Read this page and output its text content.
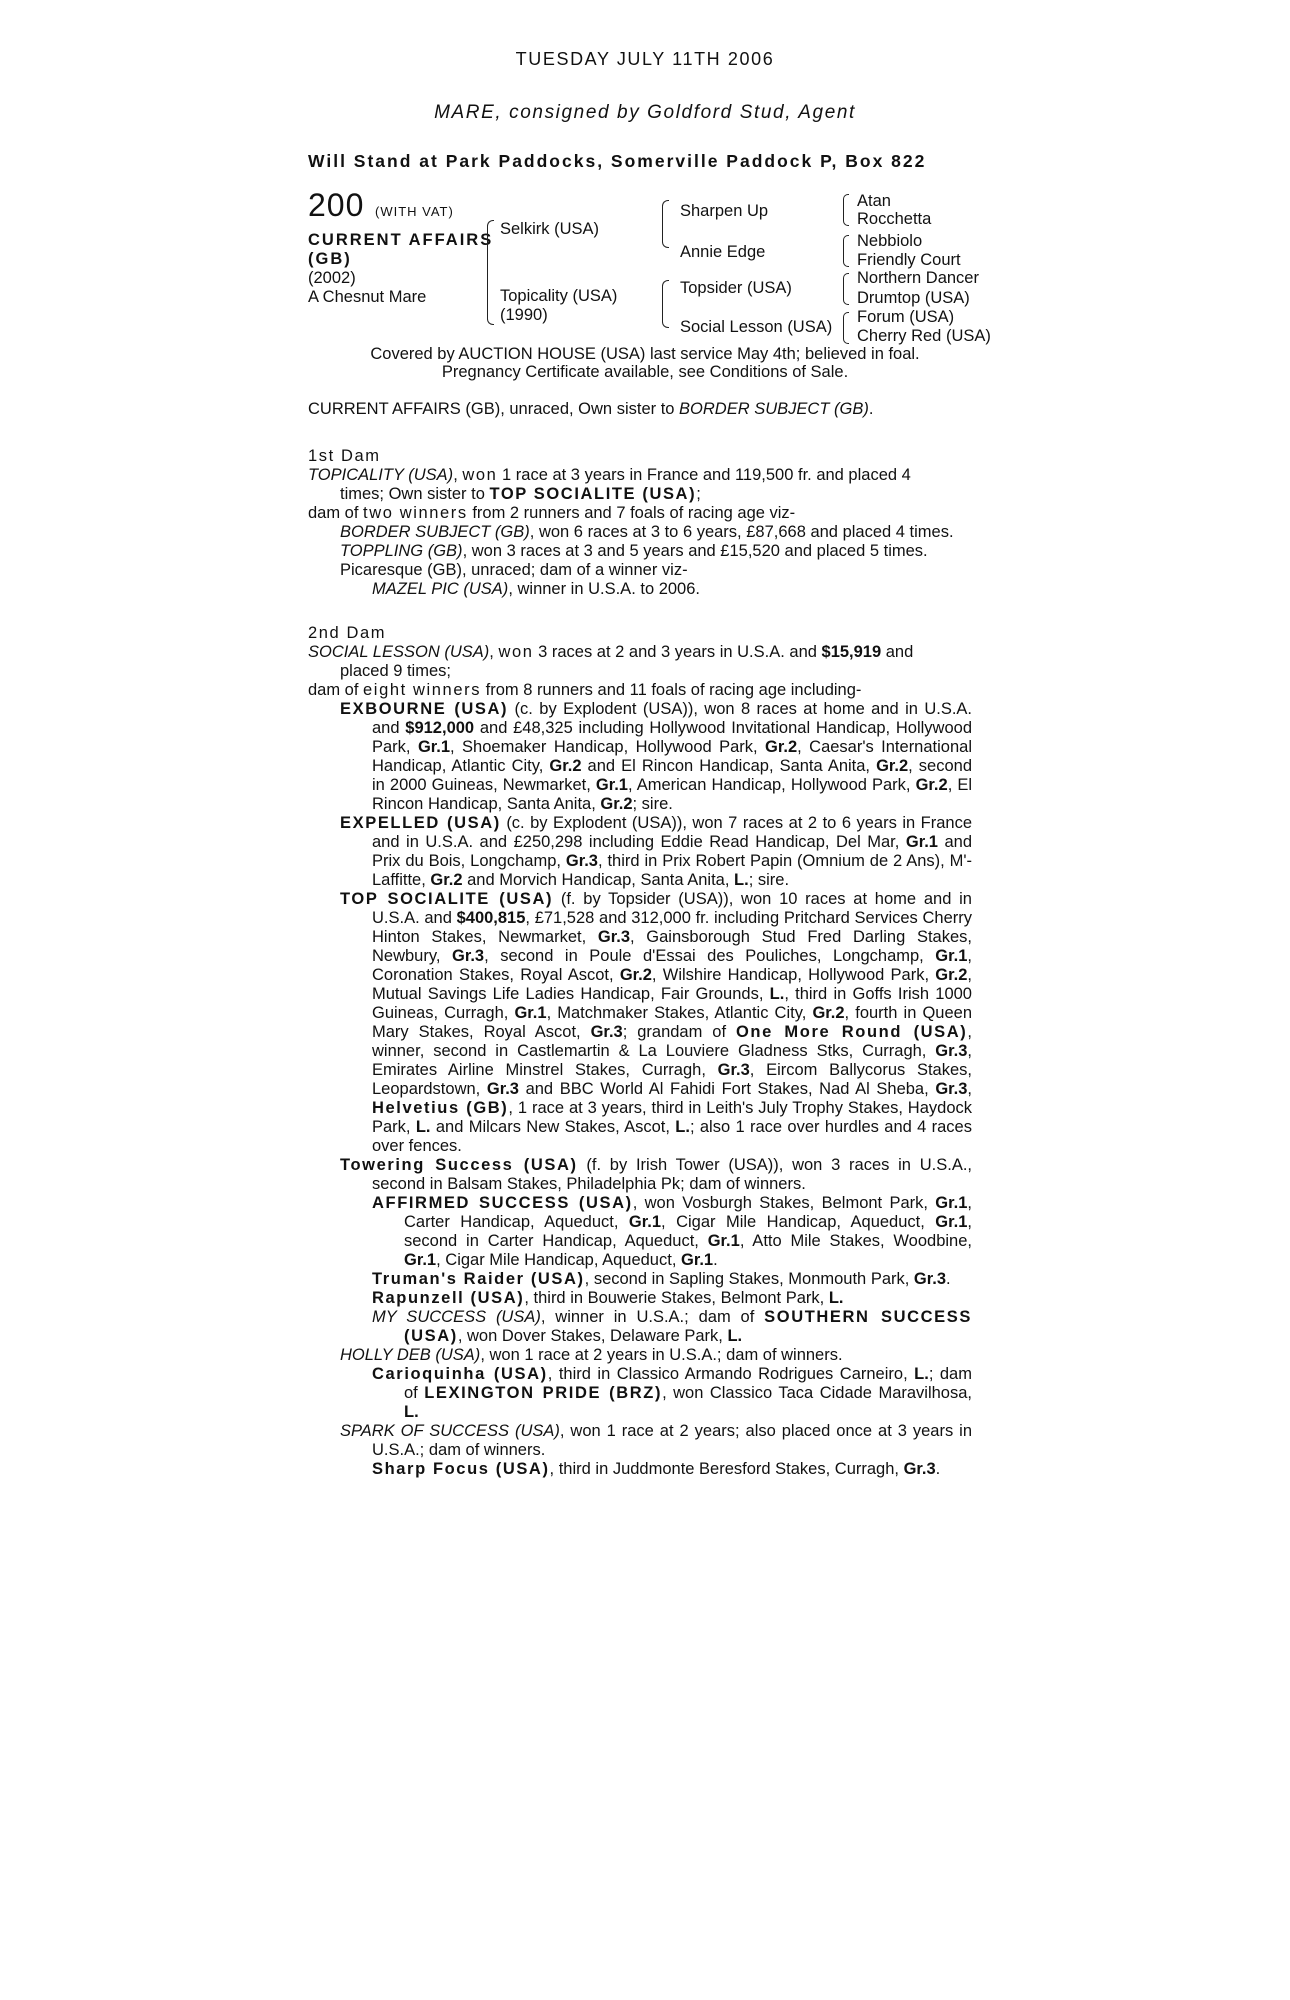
TUESDAY JULY 11TH 2006
MARE, consigned by Goldford Stud, Agent
Will Stand at Park Paddocks, Somerville Paddock P, Box 822
200 (WITH VAT)
CURRENT AFFAIRS
(GB)
(2002)
A Chesnut Mare
Selkirk (USA)
Topicality (USA)
(1990)
Sharpen Up
Annie Edge
Topsider (USA)
Social Lesson (USA)
Atan
Rocchetta
Nebbiolo
Friendly Court
Northern Dancer
Drumtop (USA)
Forum (USA)
Cherry Red (USA)
Covered by AUCTION HOUSE (USA) last service May 4th; believed in foal.
Pregnancy Certificate available, see Conditions of Sale.

CURRENT AFFAIRS (GB), unraced, Own sister to BORDER SUBJECT (GB).

1st Dam

TOPICALITY (USA), won 1 race at 3 years in France and 119,500 fr. and placed 4

times; Own sister to TOP SOCIALITE (USA);

dam of two winners from 2 runners and 7 foals of racing age viz-

BORDER SUBJECT (GB), won 6 races at 3 to 6 years, £87,668 and placed 4 times.

TOPPLING (GB), won 3 races at 3 and 5 years and £15,520 and placed 5 times.

Picaresque (GB), unraced; dam of a winner viz-

MAZEL PIC (USA), winner in U.S.A. to 2006.

2nd Dam

SOCIAL LESSON (USA), won 3 races at 2 and 3 years in U.S.A. and $15,919 and

placed 9 times;

dam of eight winners from 8 runners and 11 foals of racing age including-

EXBOURNE (USA) (c. by Explodent (USA)), won 8 races at home and in U.S.A. and $912,000 and £48,325 including Hollywood Invitational Handicap, Hollywood Park, Gr.1, Shoemaker Handicap, Hollywood Park, Gr.2, Caesar's International Handicap, Atlantic City, Gr.2 and El Rincon Handicap, Santa Anita, Gr.2, second in 2000 Guineas, Newmarket, Gr.1, American Handicap, Hollywood Park, Gr.2, El Rincon Handicap, Santa Anita, Gr.2; sire.

EXPELLED (USA) (c. by Explodent (USA)), won 7 races at 2 to 6 years in France and in U.S.A. and £250,298 including Eddie Read Handicap, Del Mar, Gr.1 and Prix du Bois, Longchamp, Gr.3, third in Prix Robert Papin (Omnium de 2 Ans), M'-Laffitte, Gr.2 and Morvich Handicap, Santa Anita, L.; sire.

TOP SOCIALITE (USA) (f. by Topsider (USA)), won 10 races at home and in U.S.A. and $400,815, £71,528 and 312,000 fr. including Pritchard Services Cherry Hinton Stakes, Newmarket, Gr.3, Gainsborough Stud Fred Darling Stakes, Newbury, Gr.3, second in Poule d'Essai des Pouliches, Longchamp, Gr.1, Coronation Stakes, Royal Ascot, Gr.2, Wilshire Handicap, Hollywood Park, Gr.2, Mutual Savings Life Ladies Handicap, Fair Grounds, L., third in Goffs Irish 1000 Guineas, Curragh, Gr.1, Matchmaker Stakes, Atlantic City, Gr.2, fourth in Queen Mary Stakes, Royal Ascot, Gr.3; grandam of One More Round (USA), winner, second in Castlemartin & La Louviere Gladness Stks, Curragh, Gr.3, Emirates Airline Minstrel Stakes, Curragh, Gr.3, Eircom Ballycorus Stakes, Leopardstown, Gr.3 and BBC World Al Fahidi Fort Stakes, Nad Al Sheba, Gr.3, Helvetius (GB), 1 race at 3 years, third in Leith's July Trophy Stakes, Haydock Park, L. and Milcars New Stakes, Ascot, L.; also 1 race over hurdles and 4 races over fences.

Towering Success (USA) (f. by Irish Tower (USA)), won 3 races in U.S.A., second in Balsam Stakes, Philadelphia Pk; dam of winners.

AFFIRMED SUCCESS (USA), won Vosburgh Stakes, Belmont Park, Gr.1, Carter Handicap, Aqueduct, Gr.1, Cigar Mile Handicap, Aqueduct, Gr.1, second in Carter Handicap, Aqueduct, Gr.1, Atto Mile Stakes, Woodbine, Gr.1, Cigar Mile Handicap, Aqueduct, Gr.1.

Truman's Raider (USA), second in Sapling Stakes, Monmouth Park, Gr.3.

Rapunzell (USA), third in Bouwerie Stakes, Belmont Park, L.

MY SUCCESS (USA), winner in U.S.A.; dam of SOUTHERN SUCCESS (USA), won Dover Stakes, Delaware Park, L.

HOLLY DEB (USA), won 1 race at 2 years in U.S.A.; dam of winners.

Carioquinha (USA), third in Classico Armando Rodrigues Carneiro, L.; dam of LEXINGTON PRIDE (BRZ), won Classico Taca Cidade Maravilhosa, L.

SPARK OF SUCCESS (USA), won 1 race at 2 years; also placed once at 3 years in U.S.A.; dam of winners.

Sharp Focus (USA), third in Juddmonte Beresford Stakes, Curragh, Gr.3.
